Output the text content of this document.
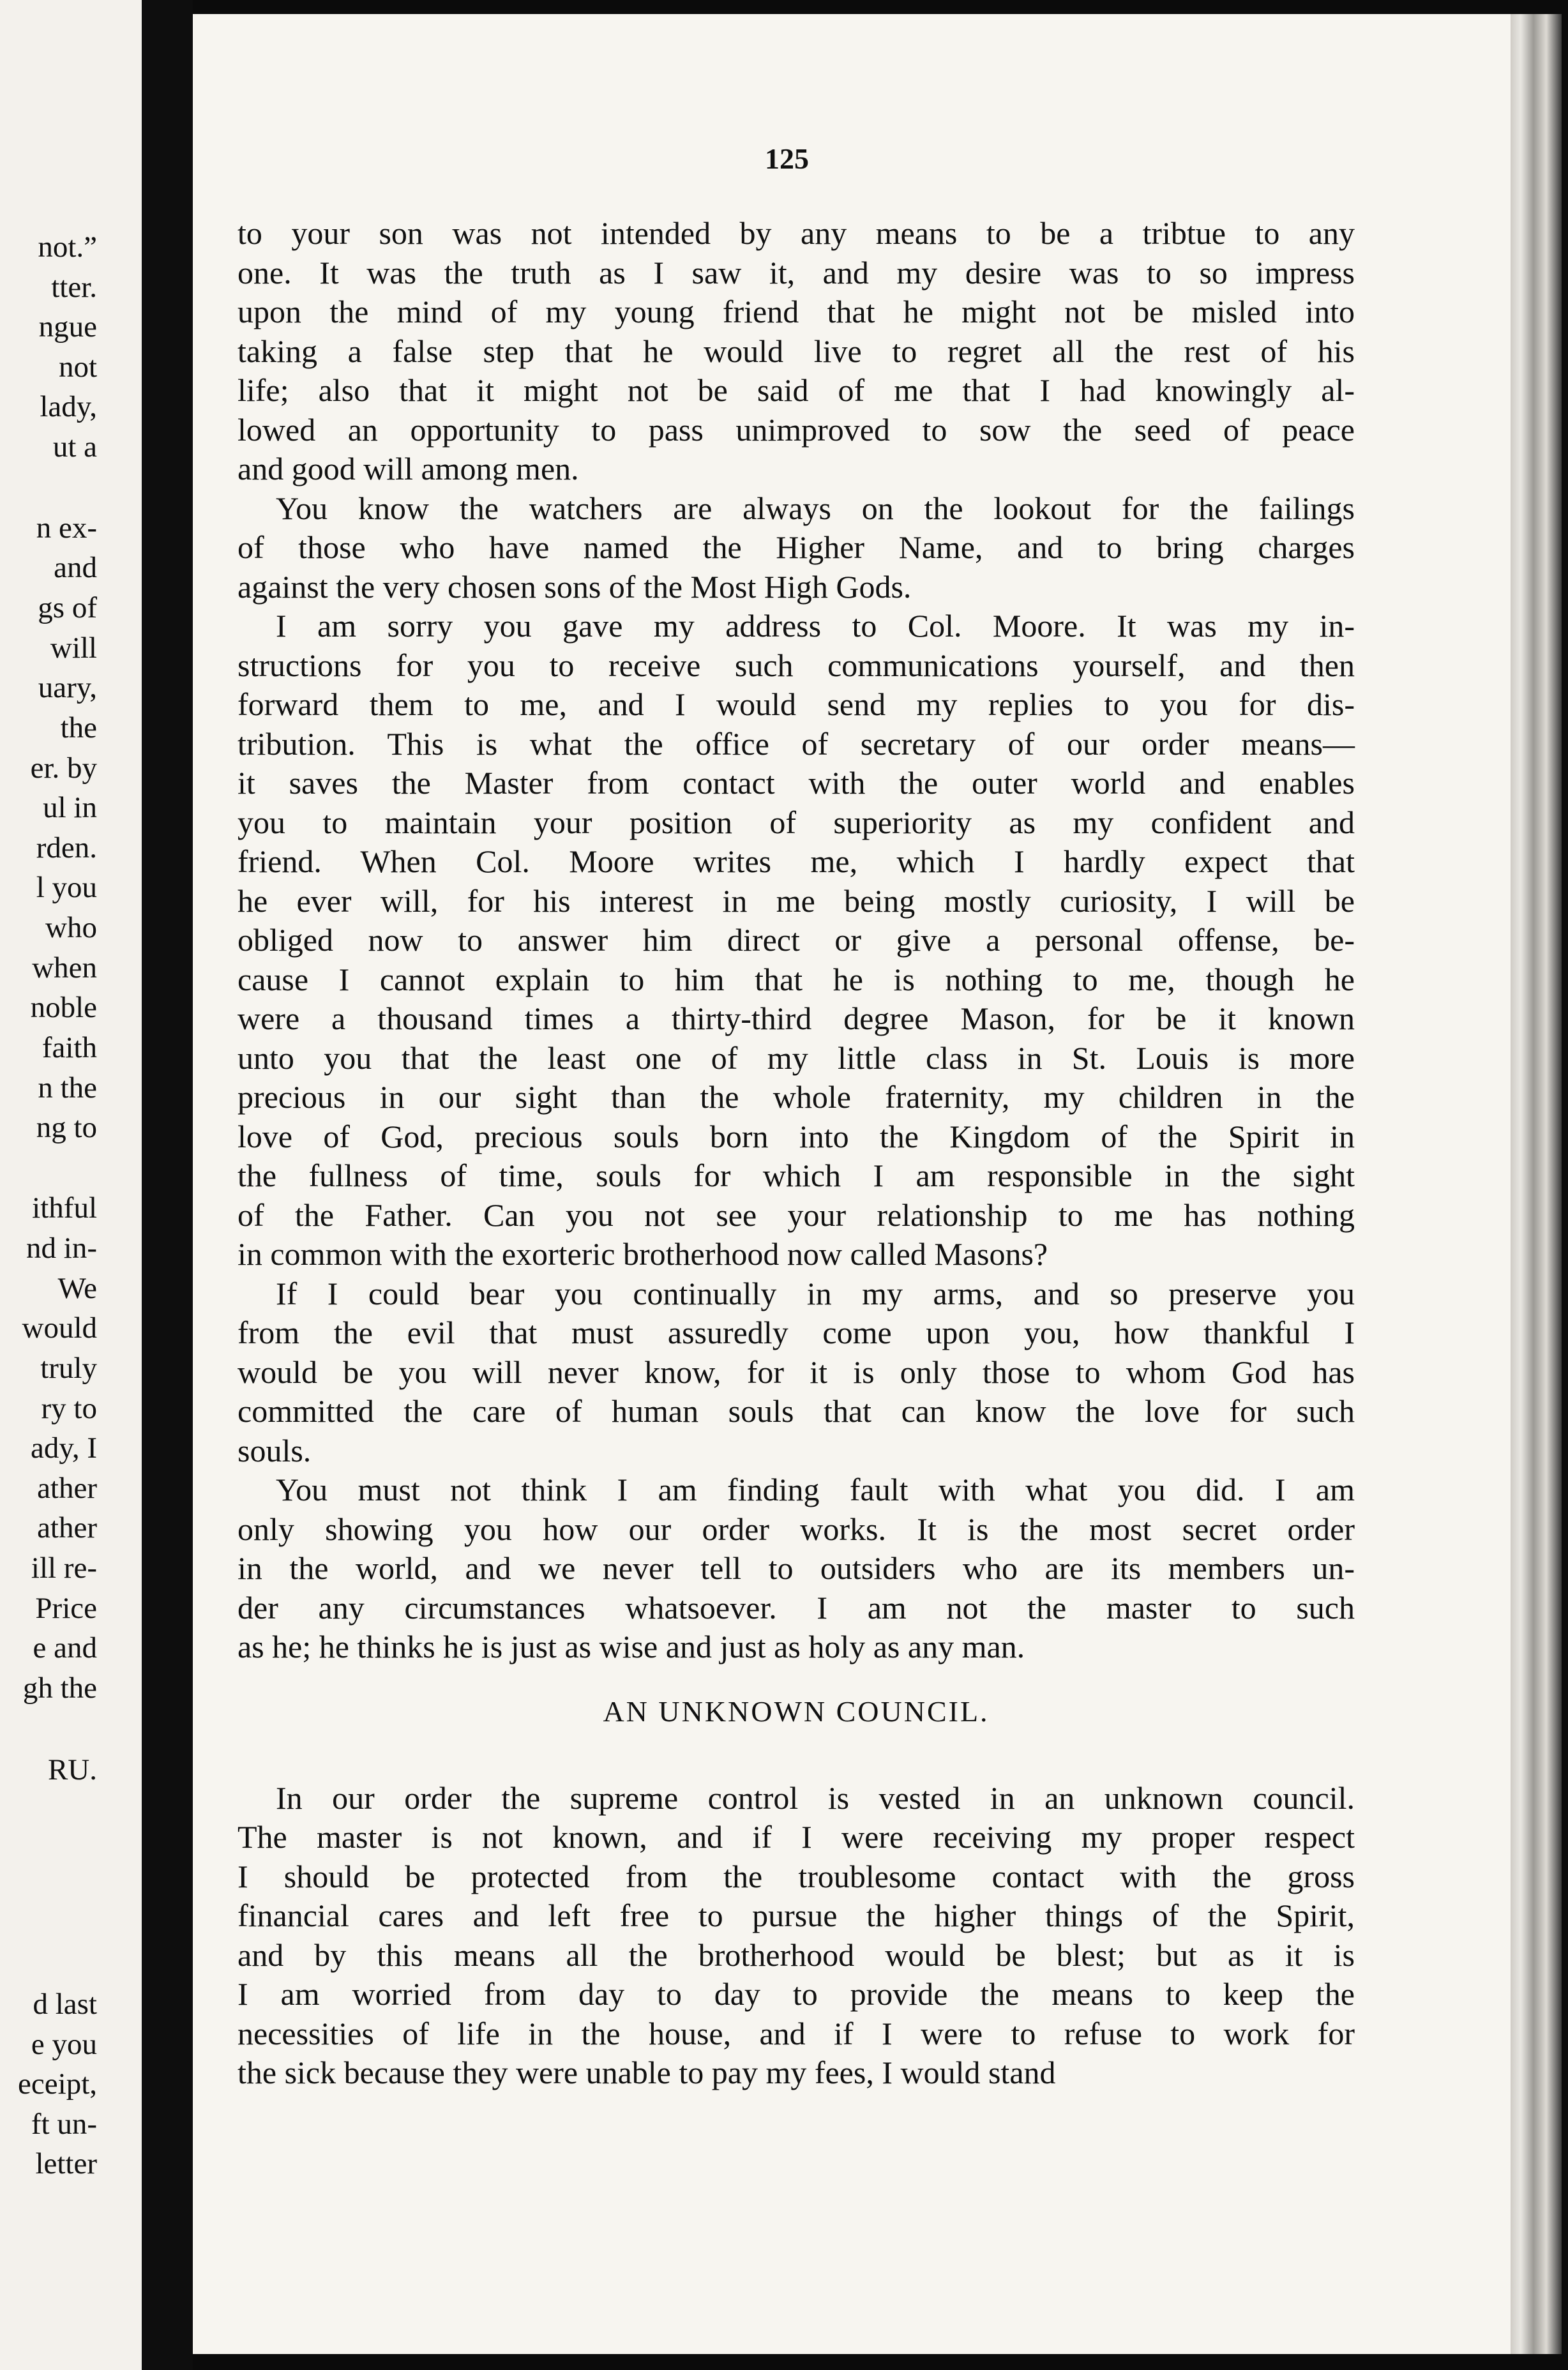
not.”
tter.
ngue
not
lady,
ut a
n ex-
and
gs of
will
uary,
the
er. by
ul in
rden.
l you
who
when
noble
faith
n the
ng to
ithful
nd in-
We
would
truly
ry to
ady, I
ather
ather
ill re-
Price
e and
gh the
RU.
d last
e you
eceipt,
ft un-
letter
125
to your son was not intended by any means to be a tribtue to any
one. It was the truth as I saw it, and my desire was to so impress
upon the mind of my young friend that he might not be misled into
taking a false step that he would live to regret all the rest of his
life; also that it might not be said of me that I had knowingly al-
lowed an opportunity to pass unimproved to sow the seed of peace
and good will among men.
You know the watchers are always on the lookout for the failings
of those who have named the Higher Name, and to bring charges
against the very chosen sons of the Most High Gods.
I am sorry you gave my address to Col. Moore. It was my in-
structions for you to receive such communications yourself, and then
forward them to me, and I would send my replies to you for dis-
tribution. This is what the office of secretary of our order means—
it saves the Master from contact with the outer world and enables
you to maintain your position of superiority as my confident and
friend. When Col. Moore writes me, which I hardly expect that
he ever will, for his interest in me being mostly curiosity, I will be
obliged now to answer him direct or give a personal offense, be-
cause I cannot explain to him that he is nothing to me, though he
were a thousand times a thirty-third degree Mason, for be it known
unto you that the least one of my little class in St. Louis is more
precious in our sight than the whole fraternity, my children in the
love of God, precious souls born into the Kingdom of the Spirit in
the fullness of time, souls for which I am responsible in the sight
of the Father. Can you not see your relationship to me has nothing
in common with the exorteric brotherhood now called Masons?
If I could bear you continually in my arms, and so preserve you
from the evil that must assuredly come upon you, how thankful I
would be you will never know, for it is only those to whom God has
committed the care of human souls that can know the love for such
souls.
You must not think I am finding fault with what you did. I am
only showing you how our order works. It is the most secret order
in the world, and we never tell to outsiders who are its members un-
der any circumstances whatsoever. I am not the master to such
as he; he thinks he is just as wise and just as holy as any man.
In our order the supreme control is vested in an unknown council.
The master is not known, and if I were receiving my proper respect
I should be protected from the troublesome contact with the gross
financial cares and left free to pursue the higher things of the Spirit,
and by this means all the brotherhood would be blest; but as it is
I am worried from day to day to provide the means to keep the
necessities of life in the house, and if I were to refuse to work for
the sick because they were unable to pay my fees, I would stand
AN UNKNOWN COUNCIL.
